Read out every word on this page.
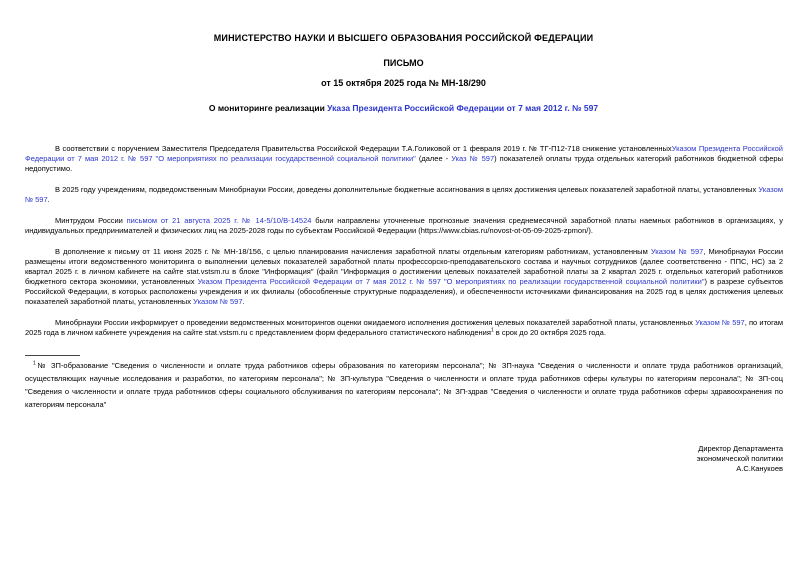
МИНИСТЕРСТВО НАУКИ И ВЫСШЕГО ОБРАЗОВАНИЯ РОССИЙСКОЙ ФЕДЕРАЦИИ
ПИСЬМО
от 15 октября 2025 года № МН-18/290
О мониторинге реализации Указа Президента Российской Федерации от 7 мая 2012 г. № 597

В соответствии с поручением Заместителя Председателя Правительства Российской Федерации Т.А.Голиковой от 1 февраля 2019 г. № ТГ-П12-718 снижение установленныхУказом Президента Российской Федерации от 7 мая 2012 г. № 597 "О мероприятиях по реализации государственной социальной политики" (далее - Указ № 597) показателей оплаты труда отдельных категорий работников бюджетной сферы недопустимо.

В 2025 году учреждениям, подведомственным Минобрнауки России, доведены дополнительные бюджетные ассигнования в целях достижения целевых показателей заработной платы, установленных Указом № 597.

Минтрудом России письмом от 21 августа 2025 г. № 14-5/10/В-14524 были направлены уточненные прогнозные значения среднемесячной заработной платы наемных работников в организациях, у индивидуальных предпринимателей и физических лиц на 2025-2028 годы по субъектам Российской Федерации (https://www.cbias.ru/novost-ot-05-09-2025-zpmon/).

В дополнение к письму от 11 июня 2025 г. № МН-18/156, с целью планирования начисления заработной платы отдельным категориям работникам, установленным Указом № 597, Минобрнауки России размещены итоги ведомственного мониторинга о выполнении целевых показателей заработной платы профессорско-преподавательского состава и научных сотрудников (далее соответственно - ППС, НС) за 2 квартал 2025 г. в личном кабинете на сайте stat.vstsm.ru в блоке "Информация" (файл "Информация о достижении целевых показателей заработной платы за 2 квартал 2025 г. отдельных категорий работников бюджетного сектора экономики, установленных Указом Президента Российской Федерации от 7 мая 2012 г. № 597 "О мероприятиях по реализации государственной социальной политики") в разрезе субъектов Российской Федерации, в которых расположены учреждения и их филиалы (обособленные структурные подразделения), и обеспеченности источниками финансирования на 2025 год в целях достижения целевых показателей заработной платы, установленных Указом № 597.

Минобрнауки России информирует о проведении ведомственных мониторингов оценки ожидаемого исполнения достижения целевых показателей заработной платы, установленных Указом № 597, по итогам 2025 года в личном кабинете учреждения на сайте stat.vstsm.ru с представлением форм федерального статистического наблюдения$^1$ в срок до 20 октября 2025 года.

$^1$№ ЗП-образование "Сведения о численности и оплате труда работников сферы образования по категориям персонала"; № ЗП-наука "Сведения о численности и оплате труда работников организаций, осуществляющих научные исследования и разработки, по категориям персонала"; № ЗП-культура "Сведения о численности и оплате труда работников сферы культуры по категориям персонала"; № ЗП-соц "Сведения о численности и оплате труда работников сферы социального обслуживания по категориям персонала"; № ЗП-здрав "Сведения о численности и оплате труда работников сферы здравоохранения по категориям персонала"

Директор Департамента
экономической политики
А.С.Канукоев
